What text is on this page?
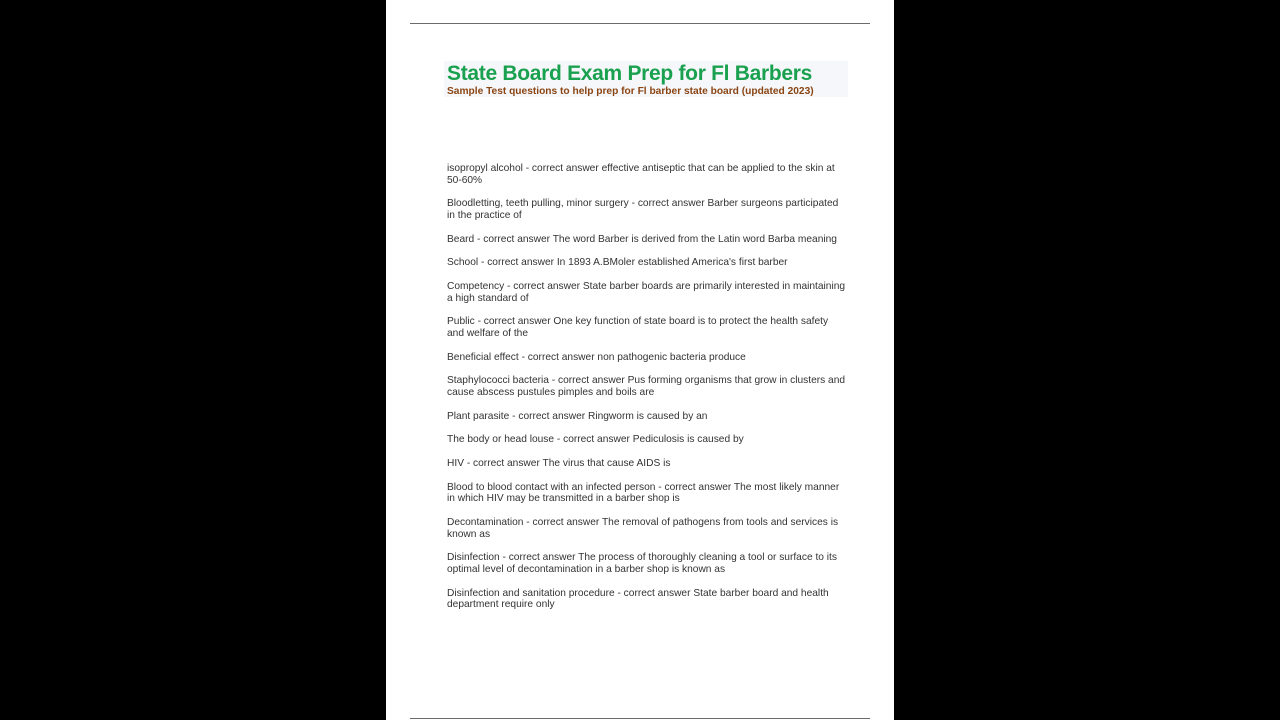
State Board Exam Prep for Fl Barbers
Sample Test questions to help prep for Fl barber state board (updated 2023)

isopropyl alcohol - correct answer effective antiseptic that can be applied to the skin at 50-60%

Bloodletting, teeth pulling, minor surgery - correct answer Barber surgeons participated in the practice of

Beard - correct answer The word Barber is derived from the Latin word Barba meaning

School - correct answer In 1893 A.BMoler established America's first barber

Competency - correct answer State barber boards are primarily interested in maintaining a high standard of

Public - correct answer One key function of state board is to protect the health safety and welfare of the

Beneficial effect - correct answer non pathogenic bacteria produce

Staphylococci bacteria - correct answer Pus forming organisms that grow in clusters and cause abscess pustules pimples and boils are

Plant parasite - correct answer Ringworm is caused by an

The body or head louse - correct answer Pediculosis is caused by

HIV - correct answer The virus that cause AIDS is

Blood to blood contact with an infected person - correct answer The most likely manner in which HIV may be transmitted in a barber shop is

Decontamination - correct answer The removal of pathogens from tools and services is known as

Disinfection - correct answer The process of thoroughly cleaning a tool or surface to its optimal level of decontamination in a barber shop is known as

Disinfection and sanitation procedure - correct answer State barber board and health department require only
